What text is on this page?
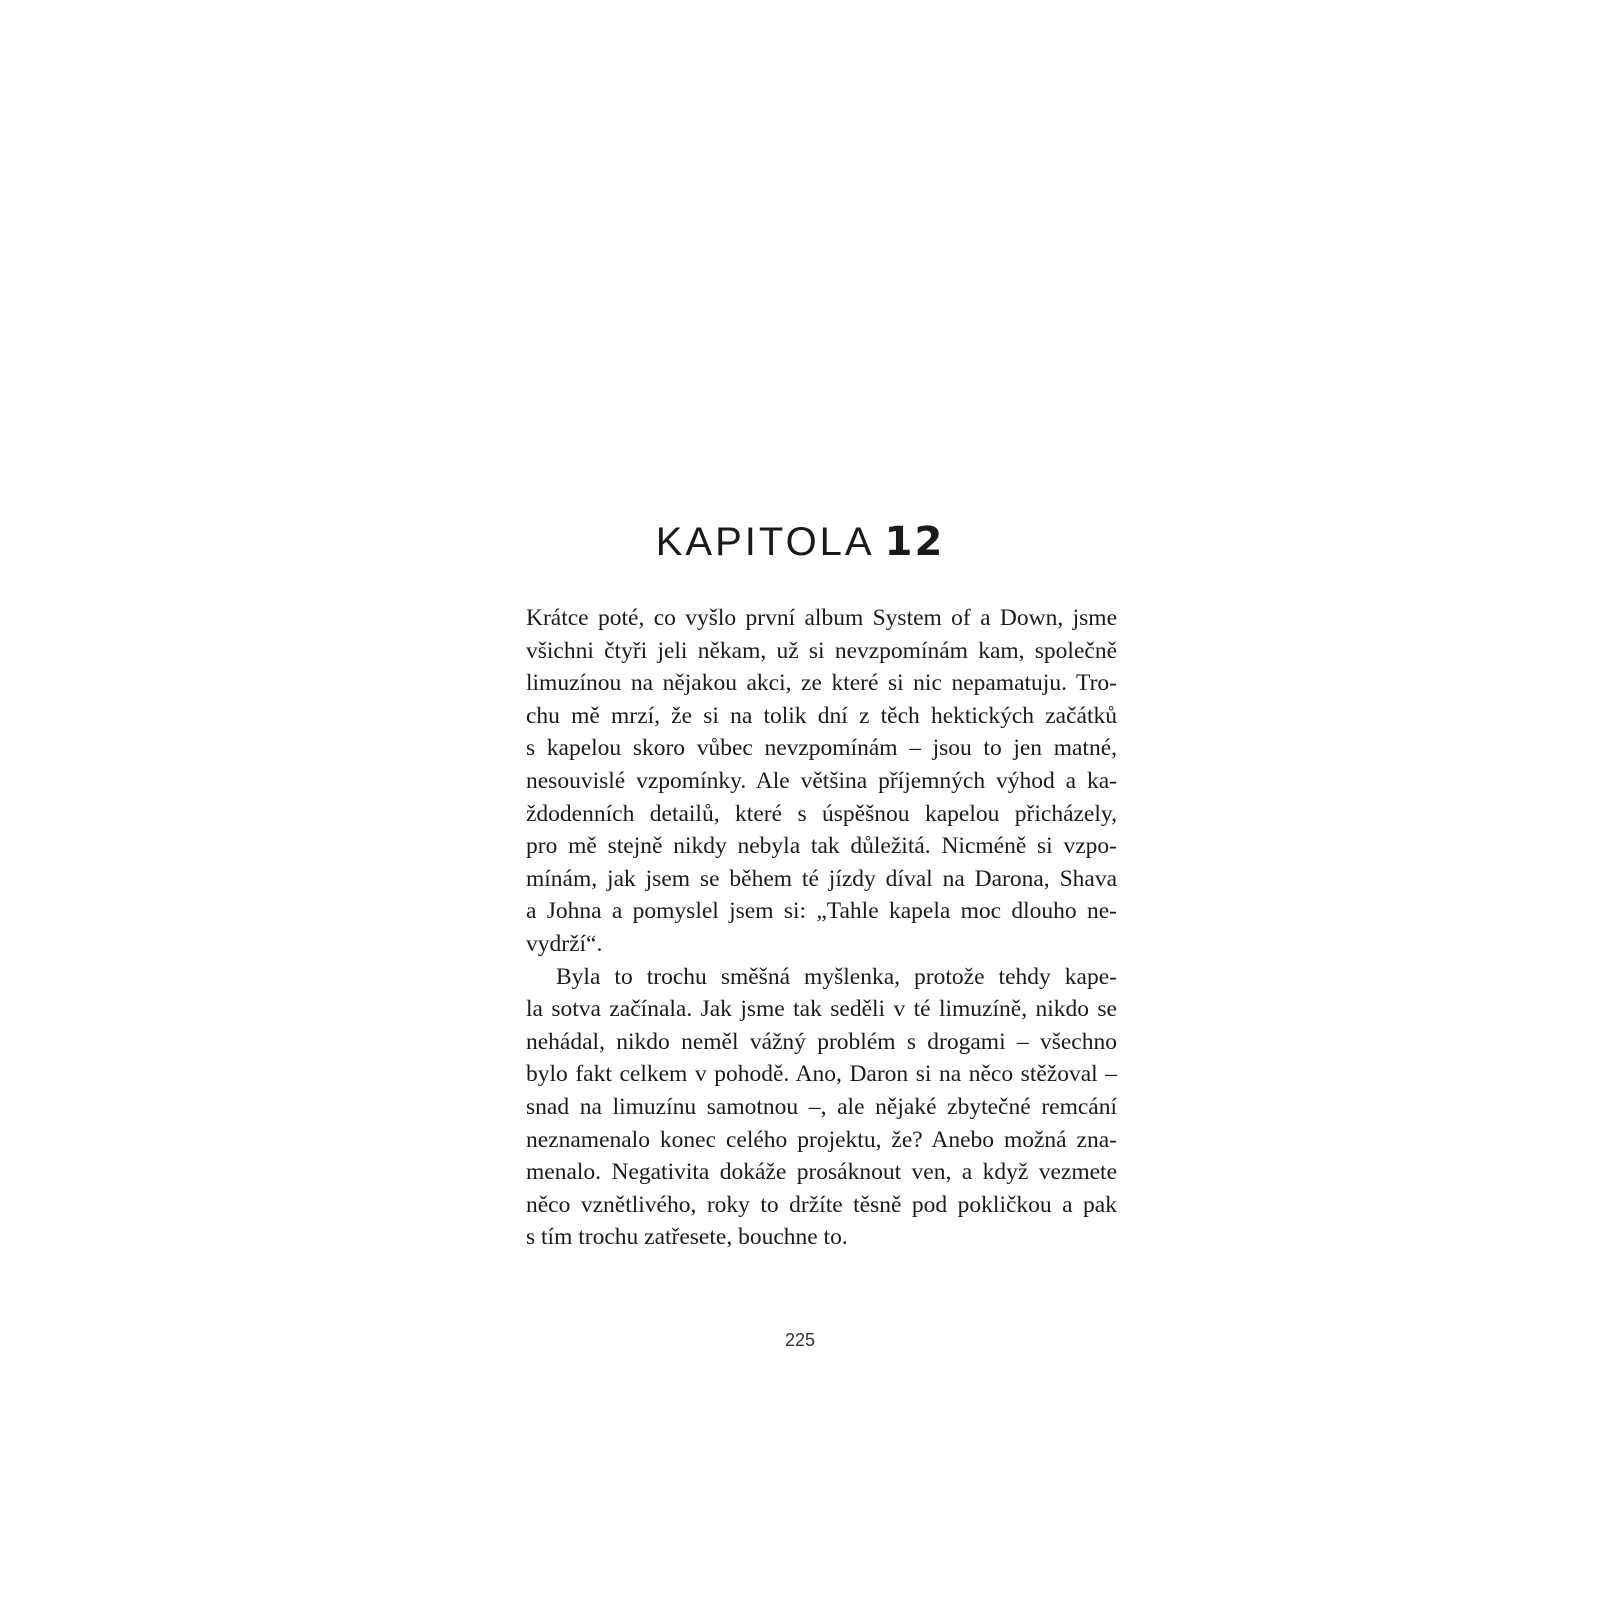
KAPITOLA 12
Krátce poté, co vyšlo první album System of a Down, jsme
všichni čtyři jeli někam, už si nevzpomínám kam, společně
limuzínou na nějakou akci, ze které si nic nepamatuju. Tro-
chu mě mrzí, že si na tolik dní z těch hektických začátků
s kapelou skoro vůbec nevzpomínám – jsou to jen matné,
nesouvislé vzpomínky. Ale většina příjemných výhod a ka-
ždodenních detailů, které s úspěšnou kapelou přicházely,
pro mě stejně nikdy nebyla tak důležitá. Nicméně si vzpo-
mínám, jak jsem se během té jízdy díval na Darona, Shava
a Johna a pomyslel jsem si: „Tahle kapela moc dlouho ne-
vydrží“.
Byla to trochu směšná myšlenka, protože tehdy kape-
la sotva začínala. Jak jsme tak seděli v té limuzíně, nikdo se
nehádal, nikdo neměl vážný problém s drogami – všechno
bylo fakt celkem v pohodě. Ano, Daron si na něco stěžoval –
snad na limuzínu samotnou –, ale nějaké zbytečné remcání
neznamenalo konec celého projektu, že? Anebo možná zna-
menalo. Negativita dokáže prosáknout ven, a když vezmete
něco vznětlivého, roky to držíte těsně pod pokličkou a pak
s tím trochu zatřesete, bouchne to.
225
